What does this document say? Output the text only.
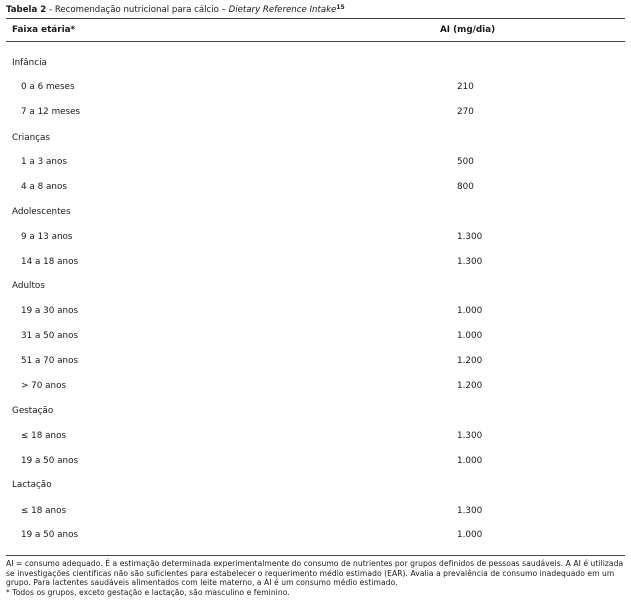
Tabela 2 - Recomendação nutricional para cálcio – Dietary Reference Intake$^{15}$
Faixa etária*	AI (mg/dia)
Infância
0 a 6 meses	210
7 a 12 meses	270
Crianças
1 a 3 anos	500
4 a 8 anos	800
Adolescentes
9 a 13 anos	1.300
14 a 18 anos	1.300
Adultos
19 a 30 anos	1.000
31 a 50 anos	1.000
51 a 70 anos	1.200
> 70 anos	1.200
Gestação
≤ 18 anos	1.300
19 a 50 anos	1.000
Lactação
≤ 18 anos	1.300
19 a 50 anos	1.000
AI = consumo adequado. É a estimação determinada experimentalmente do consumo de nutrientes por grupos definidos de pessoas saudáveis. A AI é utilizada se investigações científicas não são suficientes para estabelecer o requerimento médio estimado (EAR). Avalia a prevalência de consumo inadequado em um grupo. Para lactentes saudáveis alimentados com leite materno, a AI é um consumo médio estimado.
* Todos os grupos, exceto gestação e lactação, são masculino e feminino.
